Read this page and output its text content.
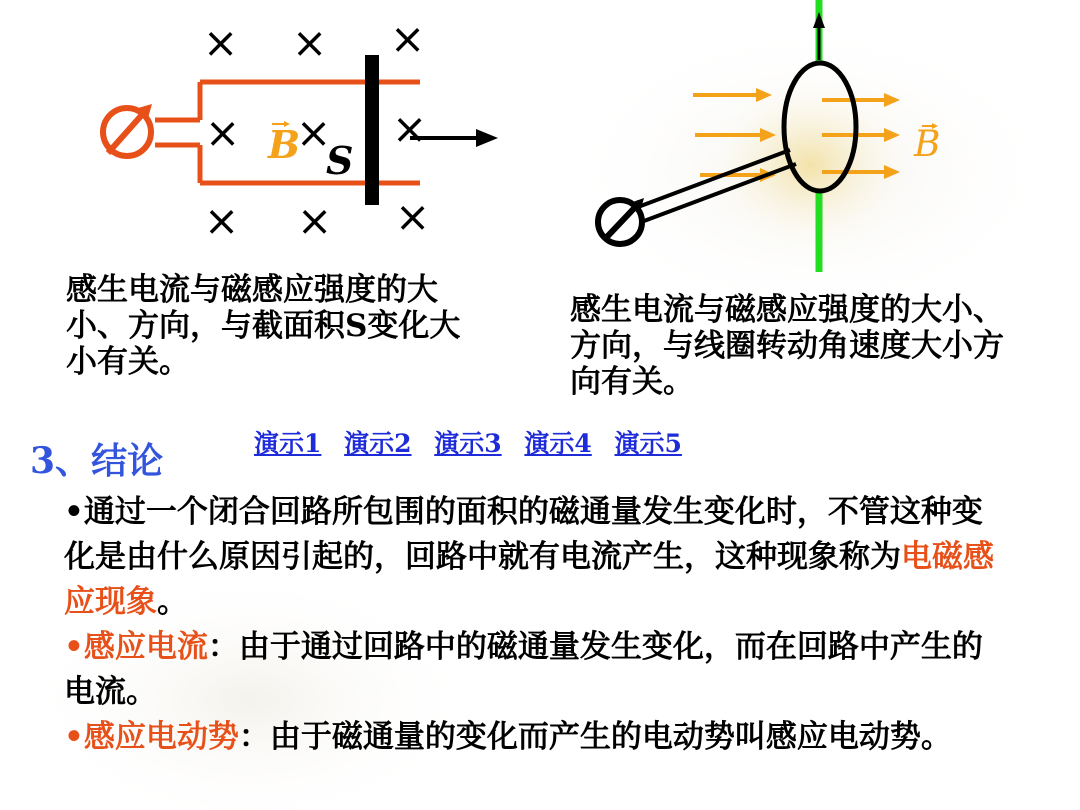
× × ×
× × ×
× × ×
B S	B
感生电流与磁感应强度的大小、方向，与截面积S变化大小有关。
感生电流与磁感应强度的大小、方向，与线圈转动角速度大小方向有关。
3、结论	演示1 演示2 演示3 演示4 演示5
•通过一个闭合回路所包围的面积的磁通量发生变化时，不管这种变化是由什么原因引起的，回路中就有电流产生，这种现象称为电磁感应现象。
•感应电流：由于通过回路中的磁通量发生变化，而在回路中产生的电流。
•感应电动势：由于磁通量的变化而产生的电动势叫感应电动势。
